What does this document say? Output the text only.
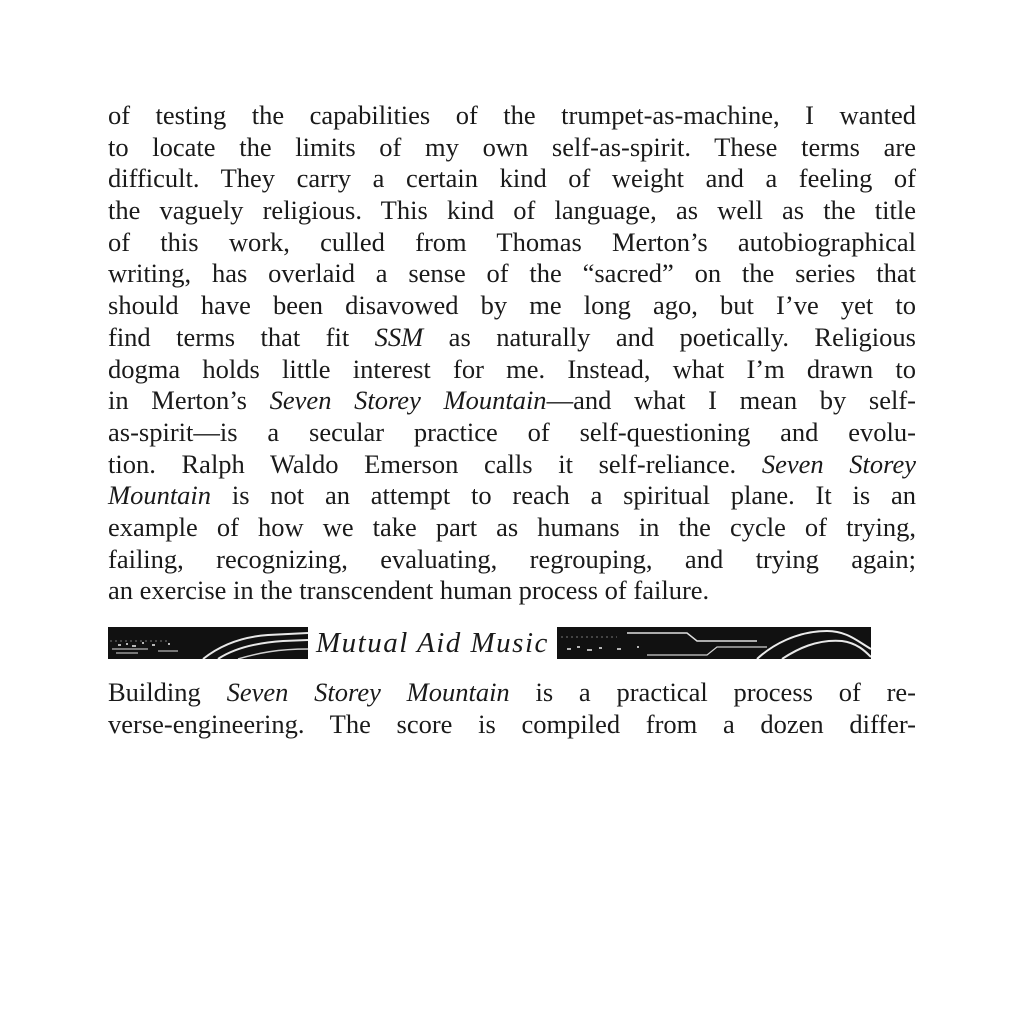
of testing the capabilities of the trumpet-as-machine, I wanted
to locate the limits of my own self-as-spirit. These terms are
difficult. They carry a certain kind of weight and a feeling of
the vaguely religious. This kind of language, as well as the title
of this work, culled from Thomas Merton’s autobiographical
writing, has overlaid a sense of the “sacred” on the series that
should have been disavowed by me long ago, but I’ve yet to
find terms that fit SSM as naturally and poetically. Religious
dogma holds little interest for me. Instead, what I’m drawn to
in Merton’s Seven Storey Mountain—and what I mean by self-
as-spirit—is a secular practice of self-questioning and evolu-
tion. Ralph Waldo Emerson calls it self-reliance. Seven Storey
Mountain is not an attempt to reach a spiritual plane. It is an
example of how we take part as humans in the cycle of trying,
failing, recognizing, evaluating, regrouping, and trying again;
an exercise in the transcendent human process of failure.
Mutual Aid Music
Building Seven Storey Mountain is a practical process of re-
verse-engineering. The score is compiled from a dozen differ-
